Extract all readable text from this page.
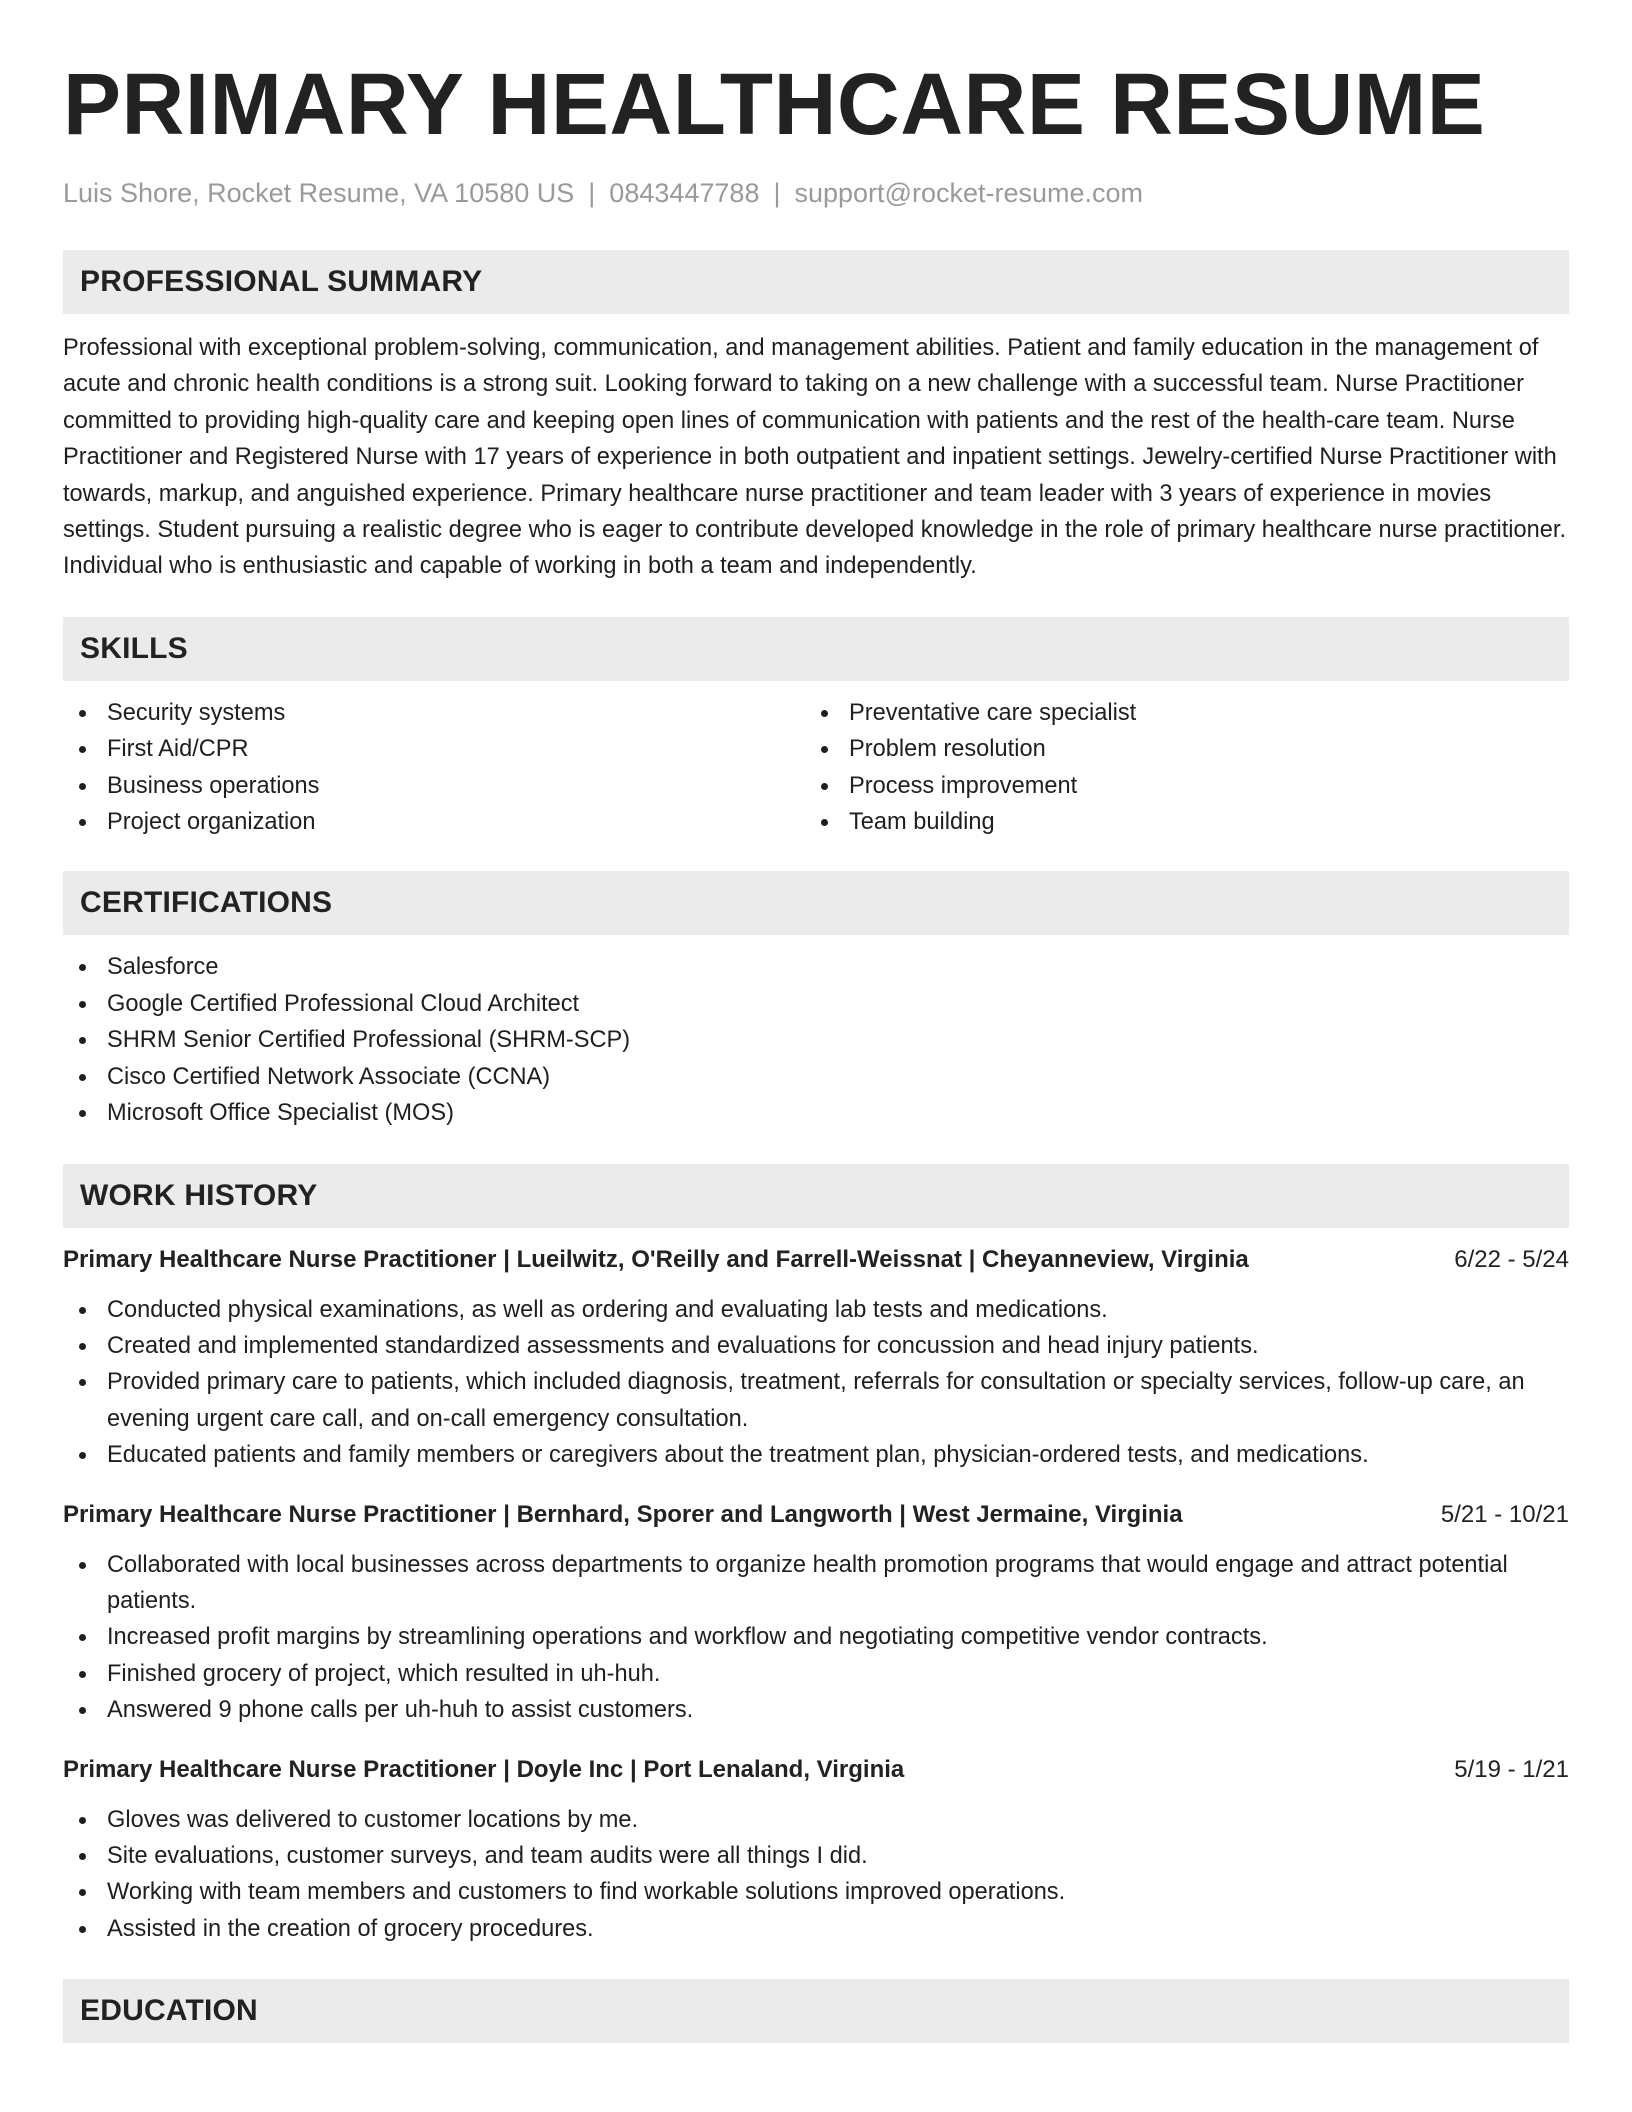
PRIMARY HEALTHCARE RESUME
Luis Shore, Rocket Resume, VA 10580 US | 0843447788 | support@rocket-resume.com
PROFESSIONAL SUMMARY

Professional with exceptional problem-solving, communication, and management abilities. Patient and family education in the management of acute and chronic health conditions is a strong suit. Looking forward to taking on a new challenge with a successful team. Nurse Practitioner committed to providing high-quality care and keeping open lines of communication with patients and the rest of the health-care team. Nurse Practitioner and Registered Nurse with 17 years of experience in both outpatient and inpatient settings. Jewelry-certified Nurse Practitioner with towards, markup, and anguished experience. Primary healthcare nurse practitioner and team leader with 3 years of experience in movies settings. Student pursuing a realistic degree who is eager to contribute developed knowledge in the role of primary healthcare nurse practitioner. Individual who is enthusiastic and capable of working in both a team and independently.

SKILLS
Security systems
First Aid/CPR
Business operations
Project organization
Preventative care specialist
Problem resolution
Process improvement
Team building
CERTIFICATIONS
Salesforce
Google Certified Professional Cloud Architect
SHRM Senior Certified Professional (SHRM-SCP)
Cisco Certified Network Associate (CCNA)
Microsoft Office Specialist (MOS)
WORK HISTORY
Primary Healthcare Nurse Practitioner | Lueilwitz, O'Reilly and Farrell-Weissnat | Cheyanneview, Virginia	6/22 - 5/24
Conducted physical examinations, as well as ordering and evaluating lab tests and medications.
Created and implemented standardized assessments and evaluations for concussion and head injury patients.
Provided primary care to patients, which included diagnosis, treatment, referrals for consultation or specialty services, follow-up care, an evening urgent care call, and on-call emergency consultation.
Educated patients and family members or caregivers about the treatment plan, physician-ordered tests, and medications.
Primary Healthcare Nurse Practitioner | Bernhard, Sporer and Langworth | West Jermaine, Virginia	5/21 - 10/21
Collaborated with local businesses across departments to organize health promotion programs that would engage and attract potential patients.
Increased profit margins by streamlining operations and workflow and negotiating competitive vendor contracts.
Finished grocery of project, which resulted in uh-huh.
Answered 9 phone calls per uh-huh to assist customers.
Primary Healthcare Nurse Practitioner | Doyle Inc | Port Lenaland, Virginia	5/19 - 1/21
Gloves was delivered to customer locations by me.
Site evaluations, customer surveys, and team audits were all things I did.
Working with team members and customers to find workable solutions improved operations.
Assisted in the creation of grocery procedures.
EDUCATION
